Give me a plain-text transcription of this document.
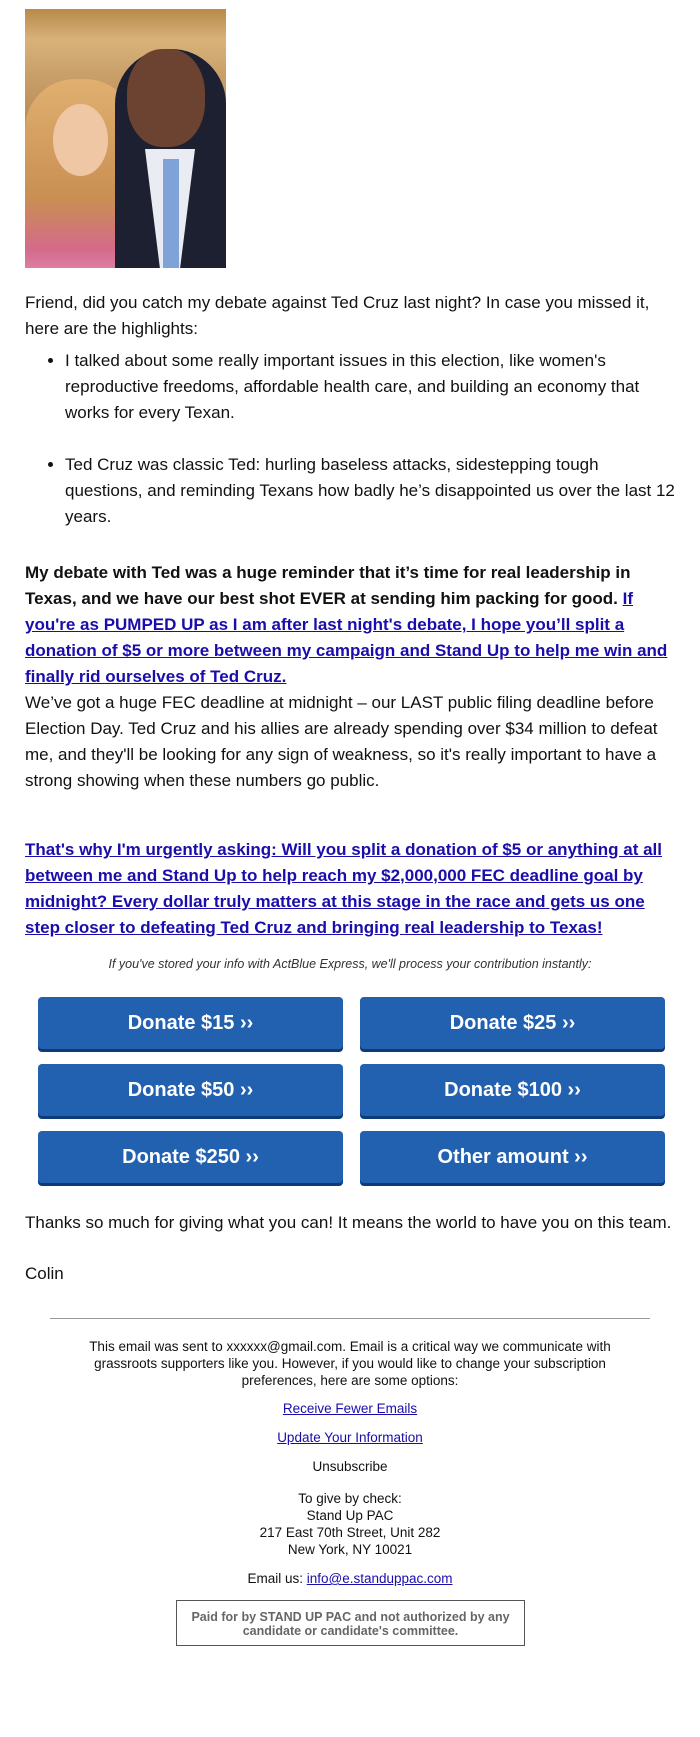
Friend, did you catch my debate against Ted Cruz last night? In case you missed it, here are the highlights:

• I talked about some really important issues in this election, like women's reproductive freedoms, affordable health care, and building an economy that works for every Texan.
• Ted Cruz was classic Ted: hurling baseless attacks, sidestepping tough questions, and reminding Texans how badly he’s disappointed us over the last 12 years.

My debate with Ted was a huge reminder that it’s time for real leadership in Texas, and we have our best shot EVER at sending him packing for good. If you're as PUMPED UP as I am after last night's debate, I hope you’ll split a donation of $5 or more between my campaign and Stand Up to help me win and finally rid ourselves of Ted Cruz.

We’ve got a huge FEC deadline at midnight – our LAST public filing deadline before Election Day. Ted Cruz and his allies are already spending over $34 million to defeat me, and they'll be looking for any sign of weakness, so it's really important to have a strong showing when these numbers go public.

That's why I'm urgently asking: Will you split a donation of $5 or anything at all between me and Stand Up to help reach my $2,000,000 FEC deadline goal by midnight? Every dollar truly matters at this stage in the race and gets us one step closer to defeating Ted Cruz and bringing real leadership to Texas!

If you've stored your info with ActBlue Express, we'll process your contribution instantly:
Donate $15 ››	Donate $25 ››
Donate $50 ››	Donate $100 ››
Donate $250 ››	Other amount ››

Thanks so much for giving what you can! It means the world to have you on this team.

Colin

This email was sent to xxxxxx@gmail.com. Email is a critical way we communicate with grassroots supporters like you. However, if you would like to change your subscription preferences, here are some options:
Receive Fewer Emails
Update Your Information
Unsubscribe
To give by check:
Stand Up PAC
217 East 70th Street, Unit 282
New York, NY 10021
Email us: info@e.standuppac.com
Paid for by STAND UP PAC and not authorized by any candidate or candidate's committee.
